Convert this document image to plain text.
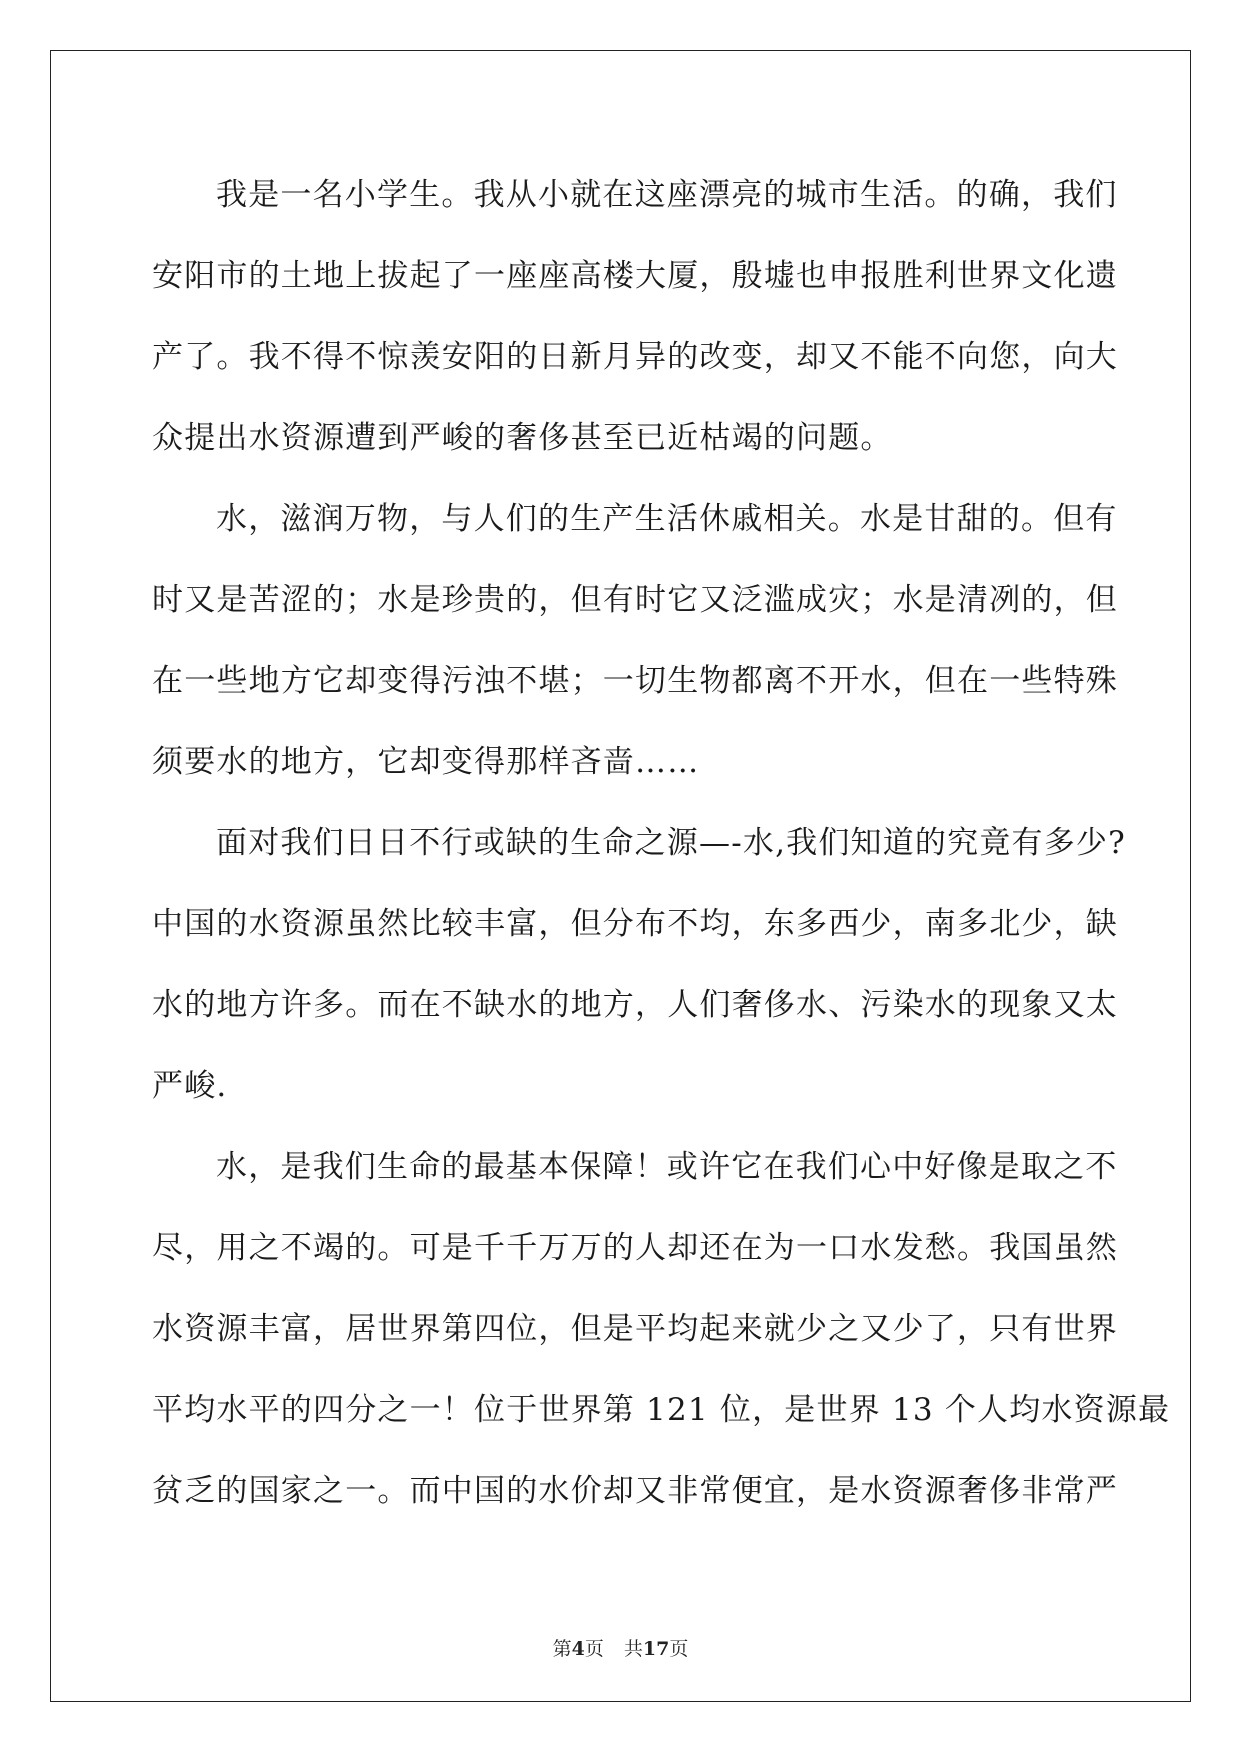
我是一名小学生。我从小就在这座漂亮的城市生活。的确，我们
安阳市的土地上拔起了一座座高楼大厦，殷墟也申报胜利世界文化遗
产了。我不得不惊羡安阳的日新月异的改变，却又不能不向您，向大
众提出水资源遭到严峻的奢侈甚至已近枯竭的问题。
水，滋润万物，与人们的生产生活休戚相关。水是甘甜的。但有
时又是苦涩的；水是珍贵的，但有时它又泛滥成灾；水是清冽的，但
在一些地方它却变得污浊不堪；一切生物都离不开水，但在一些特殊
须要水的地方，它却变得那样吝啬……
面对我们日日不行或缺的生命之源—-水,我们知道的究竟有多少?
中国的水资源虽然比较丰富，但分布不均，东多西少，南多北少，缺
水的地方许多。而在不缺水的地方，人们奢侈水、污染水的现象又太
严峻.
水，是我们生命的最基本保障！或许它在我们心中好像是取之不
尽，用之不竭的。可是千千万万的人却还在为一口水发愁。我国虽然
水资源丰富，居世界第四位，但是平均起来就少之又少了，只有世界
平均水平的四分之一！位于世界第 121 位，是世界 13 个人均水资源最
贫乏的国家之一。而中国的水价却又非常便宜，是水资源奢侈非常严
第4页 共17页
